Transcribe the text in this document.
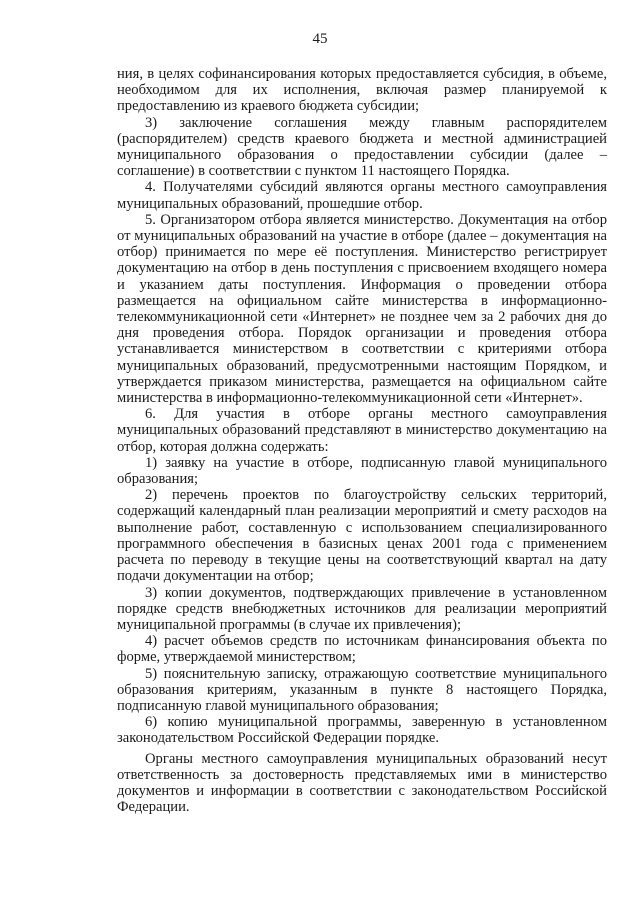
45

ния, в целях софинансирования которых предоставляется субсидия, в объеме, необходимом для их исполнения, включая размер планируемой к предоставлению из краевого бюджета субсидии;

3) заключение соглашения между главным распорядителем (распорядителем) средств краевого бюджета и местной администрацией муниципального образования о предоставлении субсидии (далее – соглашение) в соответствии с пунктом 11 настоящего Порядка.

4. Получателями субсидий являются органы местного самоуправления муниципальных образований, прошедшие отбор.

5. Организатором отбора является министерство. Документация на отбор от муниципальных образований на участие в отборе (далее – документация на отбор) принимается по мере её поступления. Министерство регистрирует документацию на отбор в день поступления с присвоением входящего номера и указанием даты поступления. Информация о проведении отбора размещается на официальном сайте министерства в информационно-телекоммуникационной сети «Интернет» не позднее чем за 2 рабочих дня до дня проведения отбора. Порядок организации и проведения отбора устанавливается министерством в соответствии с критериями отбора муниципальных образований, предусмотренными настоящим Порядком, и утверждается приказом министерства, размещается на официальном сайте министерства в информационно-телекоммуникационной сети «Интернет».

6. Для участия в отборе органы местного самоуправления муниципальных образований представляют в министерство документацию на отбор, которая должна содержать:

1) заявку на участие в отборе, подписанную главой муниципального образования;

2) перечень проектов по благоустройству сельских территорий, содержащий календарный план реализации мероприятий и смету расходов на выполнение работ, составленную с использованием специализированного программного обеспечения в базисных ценах 2001 года с применением расчета по переводу в текущие цены на соответствующий квартал на дату подачи документации на отбор;

3) копии документов, подтверждающих привлечение в установленном порядке средств внебюджетных источников для реализации мероприятий муниципальной программы (в случае их привлечения);

4) расчет объемов средств по источникам финансирования объекта по форме, утверждаемой министерством;

5) пояснительную записку, отражающую соответствие муниципального образования критериям, указанным в пункте 8 настоящего Порядка, подписанную главой муниципального образования;

6) копию муниципальной программы, заверенную в установленном законодательством Российской Федерации порядке.

Органы местного самоуправления муниципальных образований несут ответственность за достоверность представляемых ими в министерство документов и информации в соответствии с законодательством Российской Федерации.
